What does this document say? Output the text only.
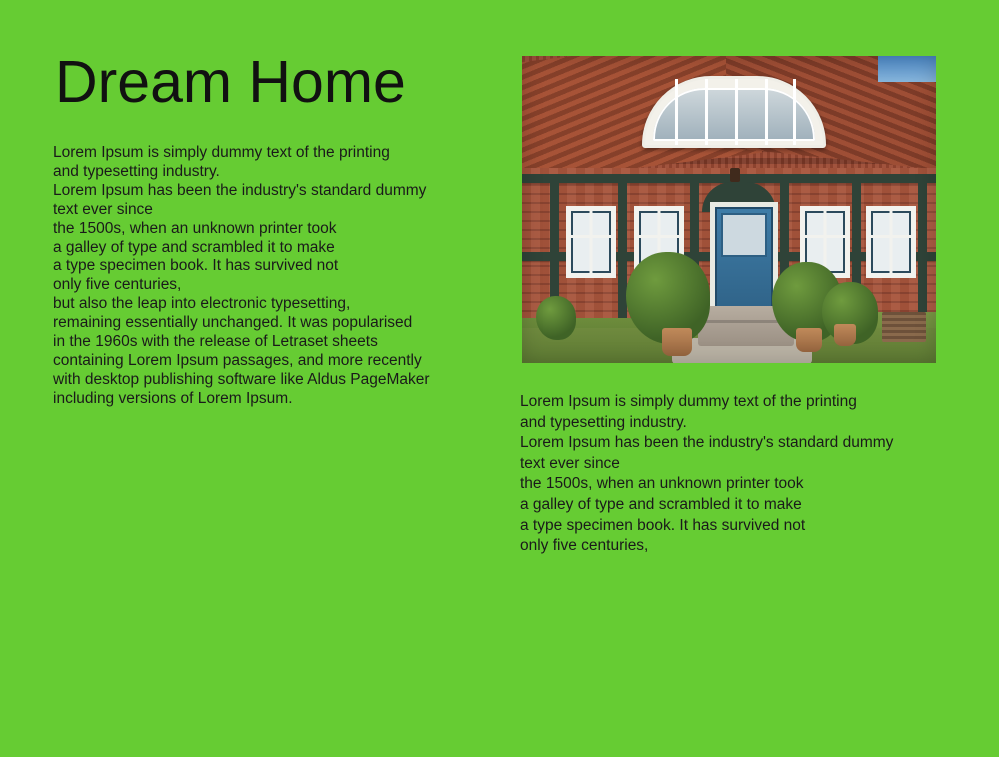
Dream Home
Lorem Ipsum is simply dummy text of the printing
and typesetting industry.
Lorem Ipsum has been the industry's standard dummy
text ever since
the 1500s, when an unknown printer took
a galley of type and scrambled it to make
a type specimen book. It has survived not
only five centuries,
but also the leap into electronic typesetting,
remaining essentially unchanged. It was popularised
in the 1960s with the release of Letraset sheets
containing Lorem Ipsum passages, and more recently
with desktop publishing software like Aldus PageMaker
including versions of Lorem Ipsum.	Lorem Ipsum is simply dummy text of the printing
and typesetting industry.
Lorem Ipsum has been the industry's standard dummy
text ever since
the 1500s, when an unknown printer took
a galley of type and scrambled it to make
a type specimen book. It has survived not
only five centuries,
